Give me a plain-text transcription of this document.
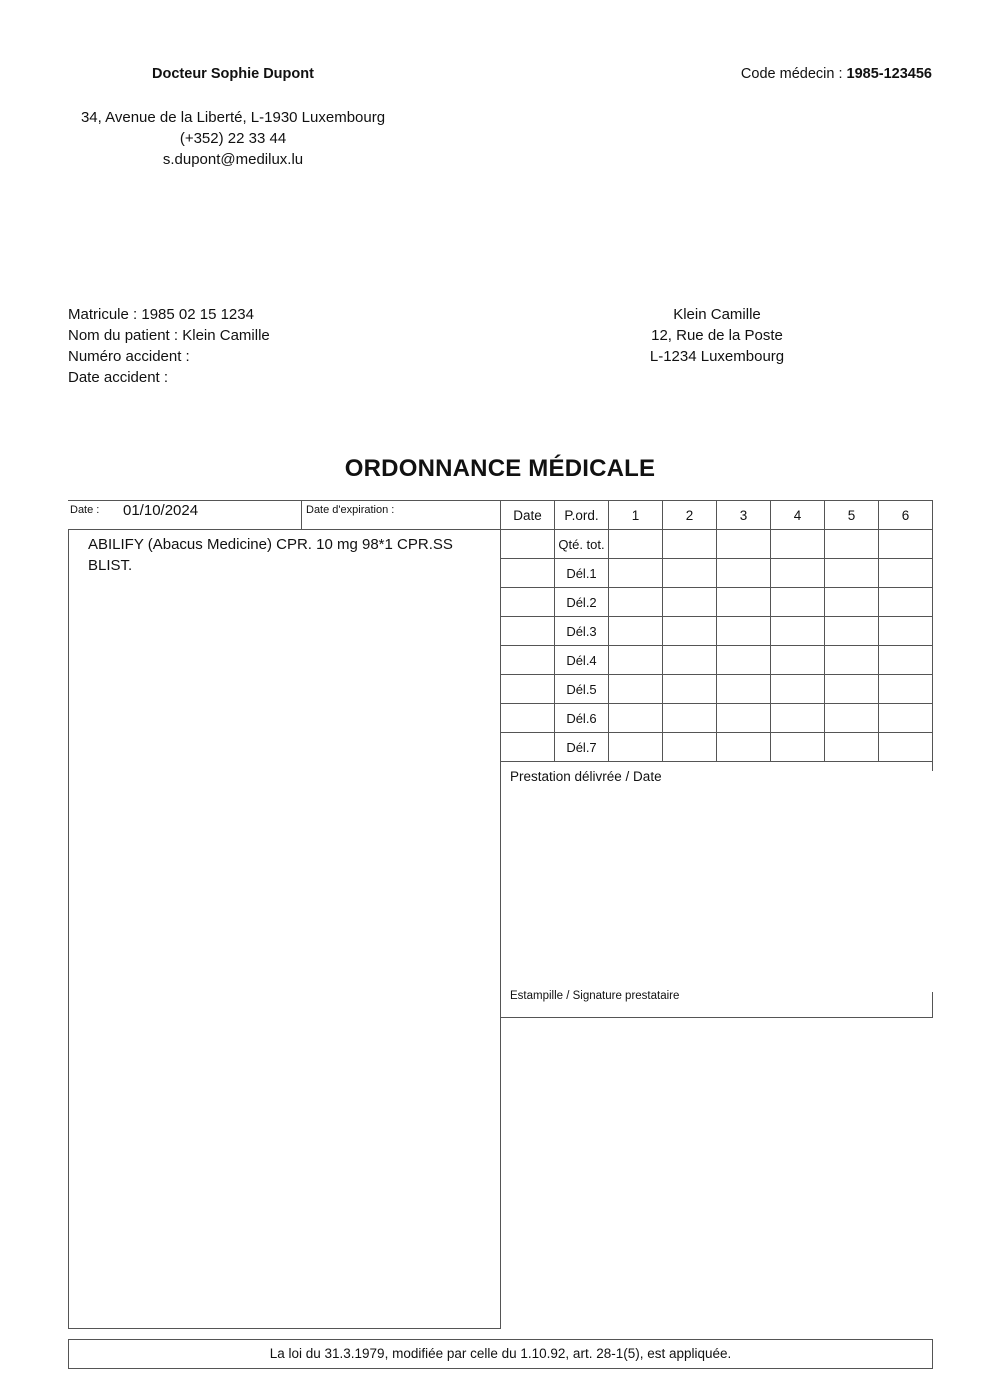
Docteur Sophie Dupont
34, Avenue de la Liberté, L-1930 Luxembourg
(+352) 22 33 44
s.dupont@medilux.lu
Code médecin : 1985-123456
Matricule : 1985 02 15 1234
Nom du patient : Klein Camille
Numéro accident :
Date accident :
Klein Camille
12, Rue de la Poste
L-1234 Luxembourg
ORDONNANCE MÉDICALE
Date : 01/10/2024	Date d'expiration :
ABILIFY (Abacus Medicine) CPR. 10 mg 98*1 CPR.SS BLIST.
Date	P.ord.	1	2	3	4	5	6
	Qté. tot.						
	Dél.1						
	Dél.2						
	Dél.3						
	Dél.4						
	Dél.5						
	Dél.6						
	Dél.7						
Prestation délivrée / Date
Estampille / Signature prestataire
La loi du 31.3.1979, modifiée par celle du 1.10.92, art. 28-1(5), est appliquée.
